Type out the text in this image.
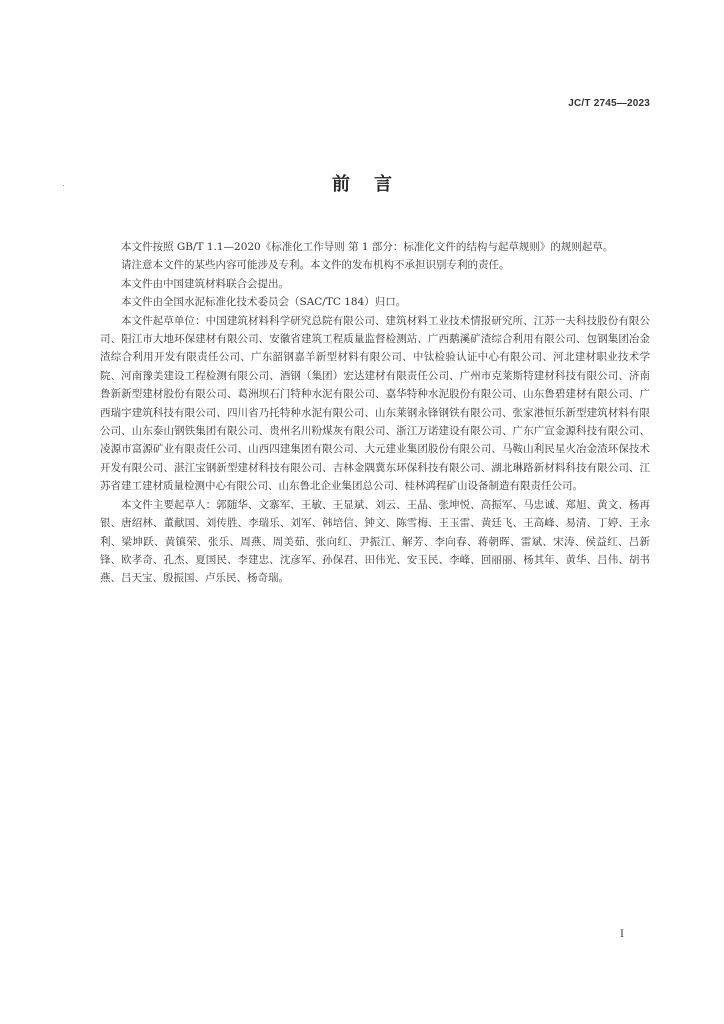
JC/T 2745—2023
前言

本文件按照 GB/T 1.1—2020《标准化工作导则 第 1 部分：标准化文件的结构与起草规则》的规则起草。

请注意本文件的某些内容可能涉及专利。本文件的发布机构不承担识别专利的责任。

本文件由中国建筑材料联合会提出。

本文件由全国水泥标准化技术委员会（SAC/TC 184）归口。

本文件起草单位：中国建筑材料科学研究总院有限公司、建筑材料工业技术情报研究所、江苏一夫科技股份有限公司、阳江市大地环保建材有限公司、安徽省建筑工程质量监督检测站、广西鹅溪矿渣综合利用有限公司、包钢集团冶金渣综合利用开发有限责任公司、广东韶钢嘉羊新型材料有限公司、中钛检验认证中心有限公司、河北建材职业技术学院、河南豫美建设工程检测有限公司、酒钢（集团）宏达建材有限责任公司、广州市克莱斯特建材科技有限公司、济南鲁新新型建材股份有限公司、葛洲坝石门特种水泥有限公司、嘉华特种水泥股份有限公司、山东鲁碧建材有限公司、广西瑞宇建筑科技有限公司、四川省乃托特种水泥有限公司、山东莱钢永锋钢铁有限公司、张家港恒乐新型建筑材料有限公司、山东泰山钢铁集团有限公司、贵州名川粉煤灰有限公司、浙江万诺建设有限公司、广东广宣金源科技有限公司、凌源市富源矿业有限责任公司、山西四建集团有限公司、大元建业集团股份有限公司、马鞍山利民星火冶金渣环保技术开发有限公司、湛江宝钢新型建材科技有限公司、吉林金隅冀东环保科技有限公司、湖北琳路新材料科技有限公司、江苏省建工建材质量检测中心有限公司、山东鲁北企业集团总公司、桂林鸿程矿山设备制造有限责任公司。

本文件主要起草人：郭随华、文寨军、王敏、王显斌、刘云、王晶、张坤悦、高振军、马忠诚、郑旭、黄文、杨再银、唐绍林、董献国、刘传胜、李瑞乐、刘军、韩培信、钟文、陈雪梅、王玉雷、黄廷飞、王高峰、易清、丁婷、王永利、梁坤跃、黄镇荣、张乐、周燕、周美茹、张向红、尹振江、解芳、李向春、蒋朝晖、雷斌、宋涛、侯益红、吕新锋、欧孝奇、孔杰、夏国民、李建忠、沈彦军、孙保君、田伟光、安玉民、李峰、回丽丽、杨其年、黄华、吕伟、胡书燕、吕天宝、殷振国、卢乐民、杨奇瑞。

I
